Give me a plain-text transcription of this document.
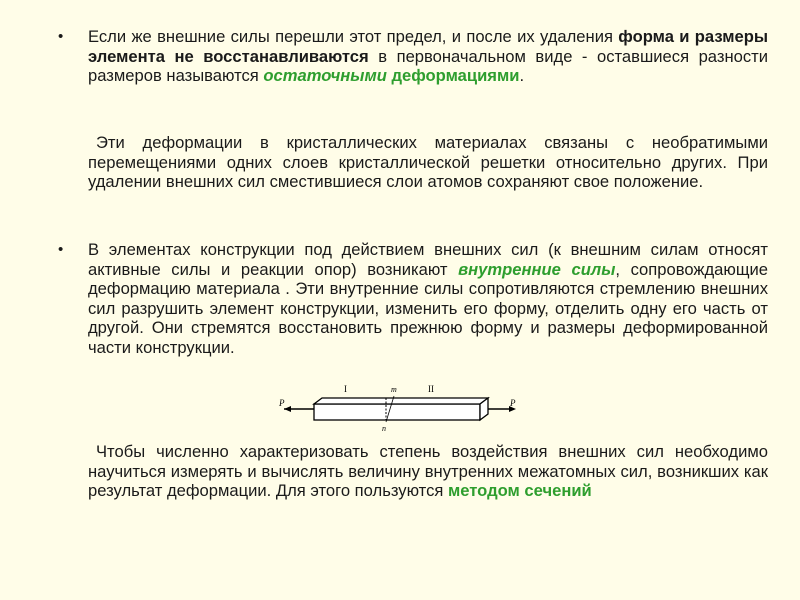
• Если же внешние силы перешли этот предел, и после их удаления форма и размеры элемента не восстанавливаются в первоначальном виде - оставшиеся разности размеров называются остаточными деформациями.

Эти деформации в кристаллических материалах связаны с необратимыми перемещениями одних слоев кристаллической решетки относительно других. При удалении внешних сил сместившиеся слои атомов сохраняют свое положение.

• В элементах конструкции под действием внешних сил (к внешним силам относят активные силы и реакции опор) возникают внутренние силы, сопровождающие деформацию материала . Эти внутренние силы сопротивляются стремлению внешних сил разрушить элемент конструкции, изменить его форму, отделить одну его часть от другой. Они стремятся восстановить прежнюю форму и размеры деформированной части конструкции.

P	P
I	m	II
n

Чтобы численно характеризовать степень воздействия внешних сил необходимо научиться измерять и вычислять величину внутренних межатомных сил, возникших как результат деформации. Для этого пользуются методом сечений
